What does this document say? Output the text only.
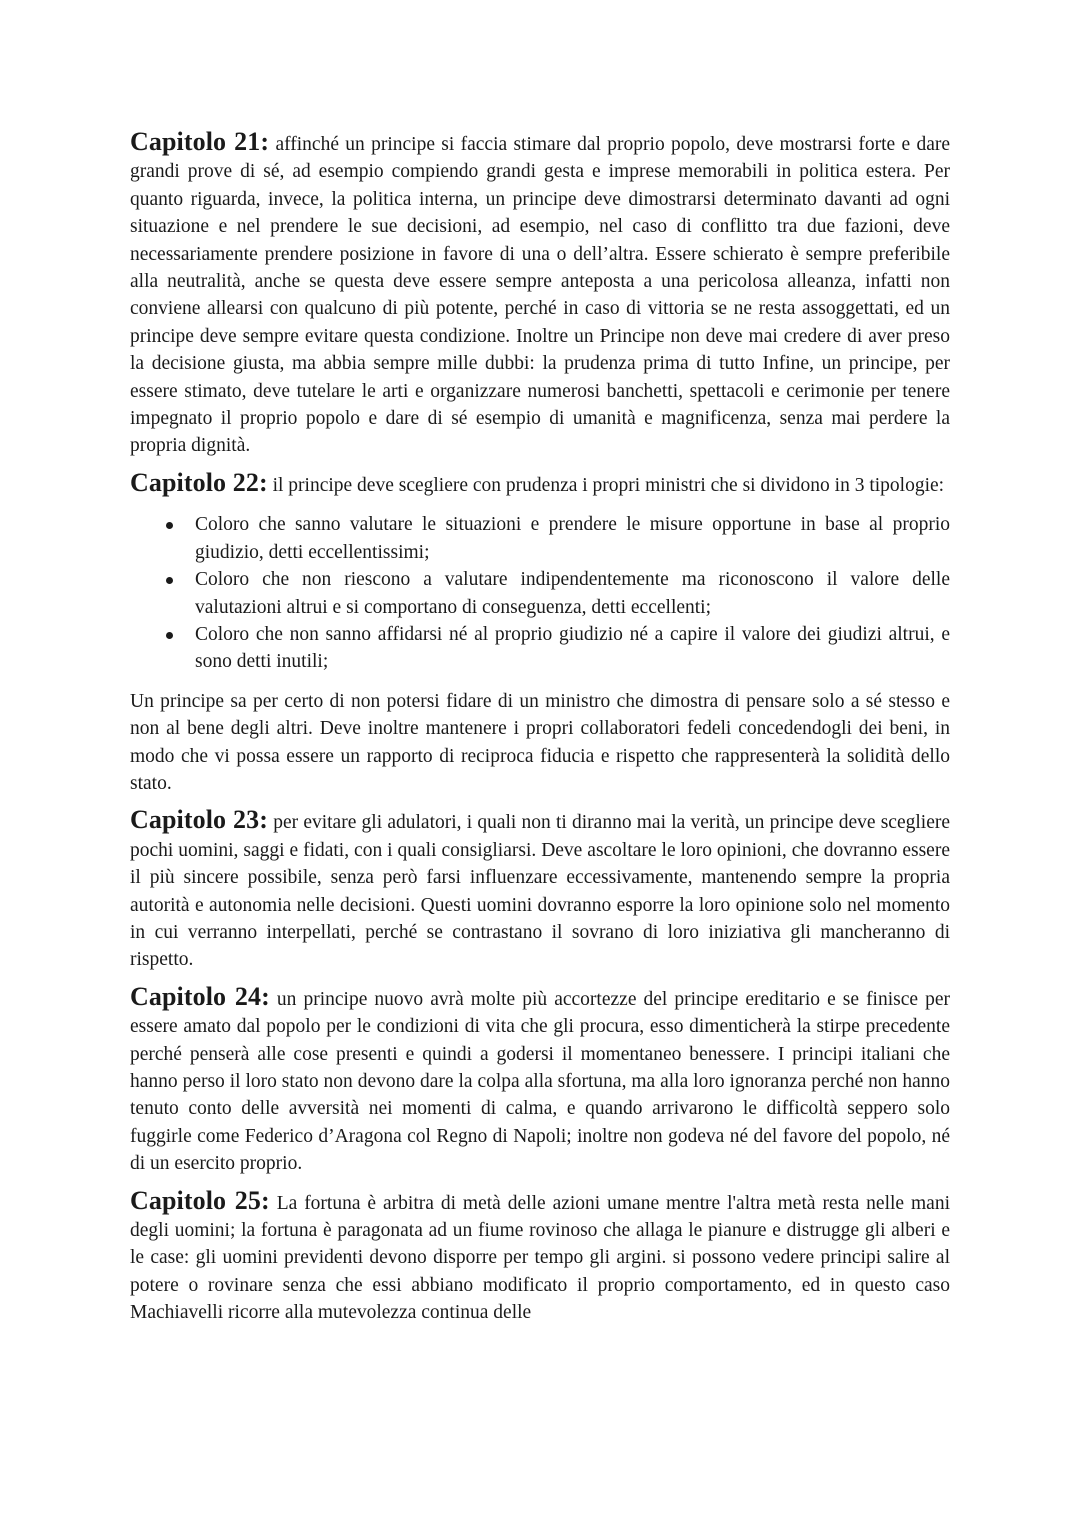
Capitolo 21: affinché un principe si faccia stimare dal proprio popolo, deve mostrarsi forte e dare grandi prove di sé, ad esempio compiendo grandi gesta e imprese memorabili in politica estera. Per quanto riguarda, invece, la politica interna, un principe deve dimostrarsi determinato davanti ad ogni situazione e nel prendere le sue decisioni, ad esempio, nel caso di conflitto tra due fazioni, deve necessariamente prendere posizione in favore di una o dell’altra. Essere schierato è sempre preferibile alla neutralità, anche se questa deve essere sempre anteposta a una pericolosa alleanza, infatti non conviene allearsi con qualcuno di più potente, perché in caso di vittoria se ne resta assoggettati, ed un principe deve sempre evitare questa condizione. Inoltre un Principe non deve mai credere di aver preso la decisione giusta, ma abbia sempre mille dubbi: la prudenza prima di tutto Infine, un principe, per essere stimato, deve tutelare le arti e organizzare numerosi banchetti, spettacoli e cerimonie per tenere impegnato il proprio popolo e dare di sé esempio di umanità e magnificenza, senza mai perdere la propria dignità.

Capitolo 22: il principe deve scegliere con prudenza i propri ministri che si dividono in 3 tipologie:

Coloro che sanno valutare le situazioni e prendere le misure opportune in base al proprio giudizio, detti eccellentissimi;
Coloro che non riescono a valutare indipendentemente ma riconoscono il valore delle valutazioni altrui e si comportano di conseguenza, detti eccellenti;
Coloro che non sanno affidarsi né al proprio giudizio né a capire il valore dei giudizi altrui, e sono detti inutili;

Un principe sa per certo di non potersi fidare di un ministro che dimostra di pensare solo a sé stesso e non al bene degli altri. Deve inoltre mantenere i propri collaboratori fedeli concedendogli dei beni, in modo che vi possa essere un rapporto di reciproca fiducia e rispetto che rappresenterà la solidità dello stato.

Capitolo 23: per evitare gli adulatori, i quali non ti diranno mai la verità, un principe deve scegliere pochi uomini, saggi e fidati, con i quali consigliarsi. Deve ascoltare le loro opinioni, che dovranno essere il più sincere possibile, senza però farsi influenzare eccessivamente, mantenendo sempre la propria autorità e autonomia nelle decisioni. Questi uomini dovranno esporre la loro opinione solo nel momento in cui verranno interpellati, perché se contrastano il sovrano di loro iniziativa gli mancheranno di rispetto.

Capitolo 24: un principe nuovo avrà molte più accortezze del principe ereditario e se finisce per essere amato dal popolo per le condizioni di vita che gli procura, esso dimenticherà la stirpe precedente perché penserà alle cose presenti e quindi a godersi il momentaneo benessere. I principi italiani che hanno perso il loro stato non devono dare la colpa alla sfortuna, ma alla loro ignoranza perché non hanno tenuto conto delle avversità nei momenti di calma, e quando arrivarono le difficoltà seppero solo fuggirle come Federico d’Aragona col Regno di Napoli; inoltre non godeva né del favore del popolo, né di un esercito proprio.

Capitolo 25: La fortuna è arbitra di metà delle azioni umane mentre l'altra metà resta nelle mani degli uomini; la fortuna è paragonata ad un fiume rovinoso che allaga le pianure e distrugge gli alberi e le case: gli uomini previdenti devono disporre per tempo gli argini. si possono vedere principi salire al potere o rovinare senza che essi abbiano modificato il proprio comportamento, ed in questo caso Machiavelli ricorre alla mutevolezza continua delle
